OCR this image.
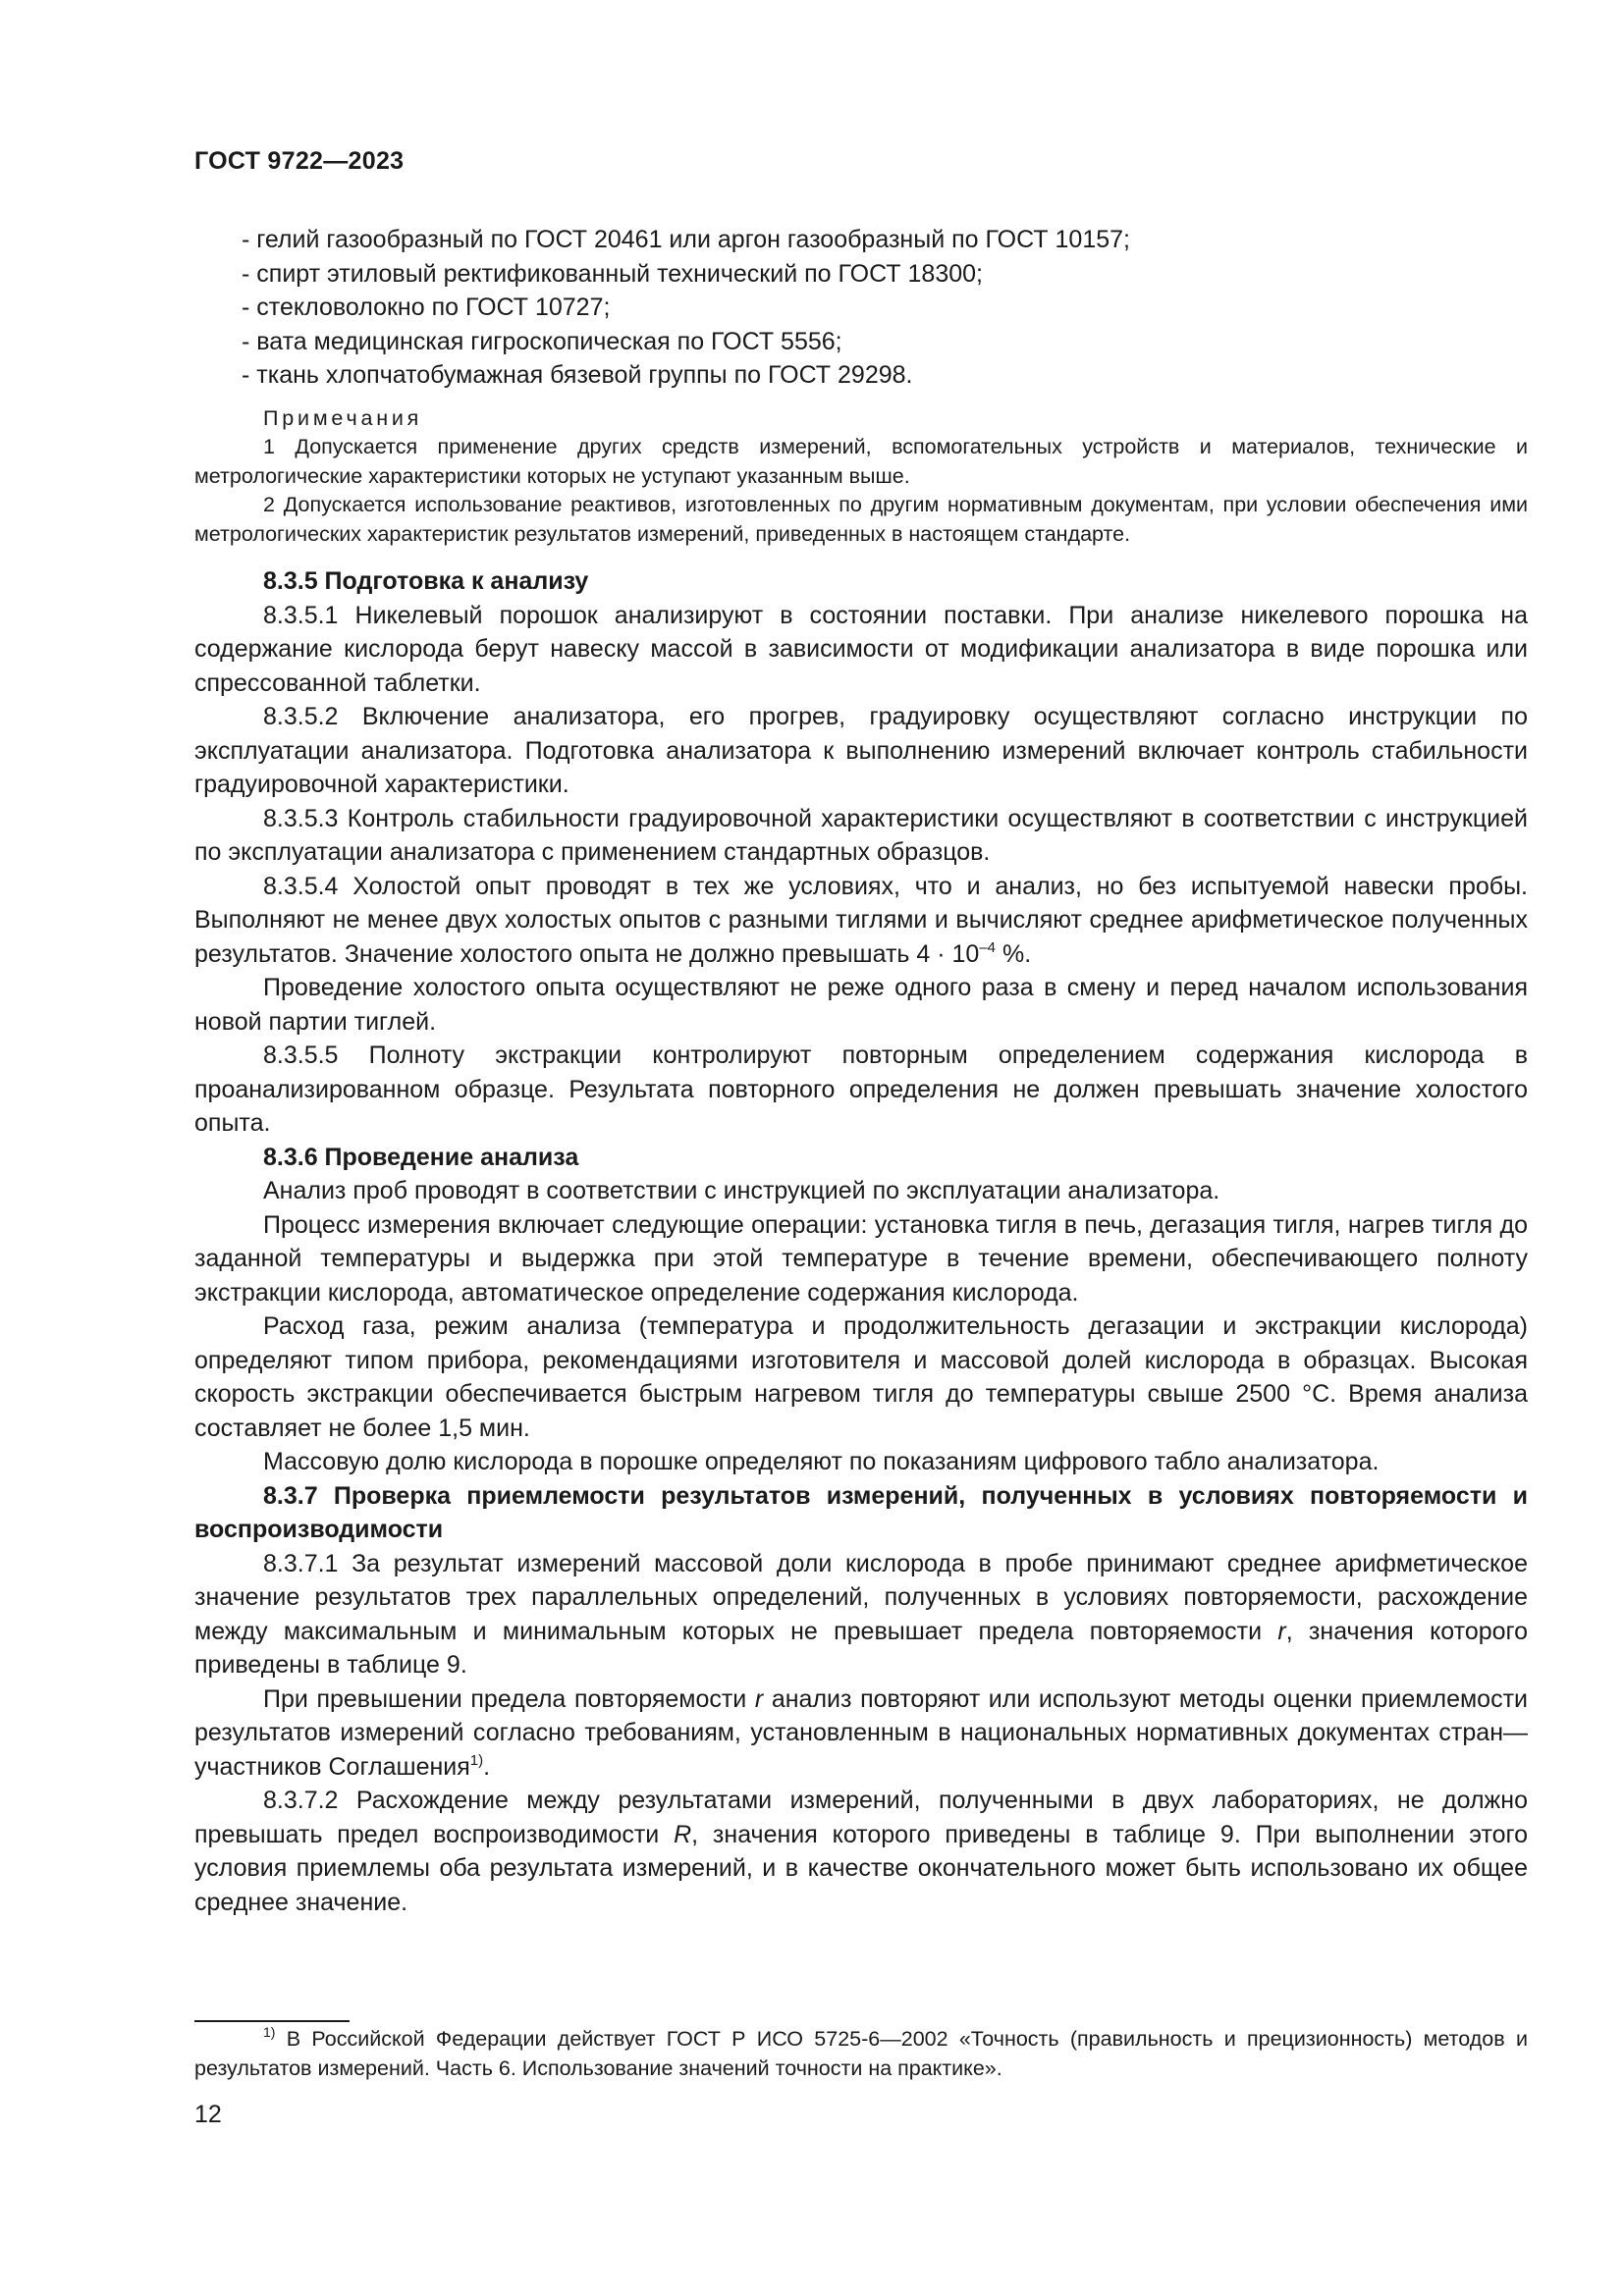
ГОСТ 9722—2023
- гелий газообразный по ГОСТ 20461 или аргон газообразный по ГОСТ 10157;
- спирт этиловый ректификованный технический по ГОСТ 18300;
- стекловолокно по ГОСТ 10727;
- вата медицинская гигроскопическая по ГОСТ 5556;
- ткань хлопчатобумажная бязевой группы по ГОСТ 29298.
Примечания

1 Допускается применение других средств измерений, вспомогательных устройств и материалов, технические и метрологические характеристики которых не уступают указанным выше.

2 Допускается использование реактивов, изготовленных по другим нормативным документам, при условии обеспечения ими метрологических характеристик результатов измерений, приведенных в настоящем стандарте.

8.3.5 Подготовка к анализу

8.3.5.1 Никелевый порошок анализируют в состоянии поставки. При анализе никелевого порошка на содержание кислорода берут навеску массой в зависимости от модификации анализатора в виде порошка или спрессованной таблетки.

8.3.5.2 Включение анализатора, его прогрев, градуировку осуществляют согласно инструкции по эксплуатации анализатора. Подготовка анализатора к выполнению измерений включает контроль стабильности градуировочной характеристики.

8.3.5.3 Контроль стабильности градуировочной характеристики осуществляют в соответствии с инструкцией по эксплуатации анализатора с применением стандартных образцов.

8.3.5.4 Холостой опыт проводят в тех же условиях, что и анализ, но без испытуемой навески пробы. Выполняют не менее двух холостых опытов с разными тиглями и вычисляют среднее арифметическое полученных результатов. Значение холостого опыта не должно превышать $4 \cdot 10^{-4}$ %.

Проведение холостого опыта осуществляют не реже одного раза в смену и перед началом использования новой партии тиглей.

8.3.5.5 Полноту экстракции контролируют повторным определением содержания кислорода в проанализированном образце. Результата повторного определения не должен превышать значение холостого опыта.

8.3.6 Проведение анализа

Анализ проб проводят в соответствии с инструкцией по эксплуатации анализатора.

Процесс измерения включает следующие операции: установка тигля в печь, дегазация тигля, нагрев тигля до заданной температуры и выдержка при этой температуре в течение времени, обеспечивающего полноту экстракции кислорода, автоматическое определение содержания кислорода.

Расход газа, режим анализа (температура и продолжительность дегазации и экстракции кислорода) определяют типом прибора, рекомендациями изготовителя и массовой долей кислорода в образцах. Высокая скорость экстракции обеспечивается быстрым нагревом тигля до температуры свыше 2500 °C. Время анализа составляет не более 1,5 мин.

Массовую долю кислорода в порошке определяют по показаниям цифрового табло анализатора.

8.3.7 Проверка приемлемости результатов измерений, полученных в условиях повторяемости и воспроизводимости

8.3.7.1 За результат измерений массовой доли кислорода в пробе принимают среднее арифметическое значение результатов трех параллельных определений, полученных в условиях повторяемости, расхождение между максимальным и минимальным которых не превышает предела повторяемости r, значения которого приведены в таблице 9.

При превышении предела повторяемости r анализ повторяют или используют методы оценки приемлемости результатов измерений согласно требованиям, установленным в национальных нормативных документах стран—участников Соглашения$^{1)}$.

8.3.7.2 Расхождение между результатами измерений, полученными в двух лабораториях, не должно превышать предел воспроизводимости R, значения которого приведены в таблице 9. При выполнении этого условия приемлемы оба результата измерений, и в качестве окончательного может быть использовано их общее среднее значение.

$^{1)}$ В Российской Федерации действует ГОСТ Р ИСО 5725-6—2002 «Точность (правильность и прецизионность) методов и результатов измерений. Часть 6. Использование значений точности на практике».
12
